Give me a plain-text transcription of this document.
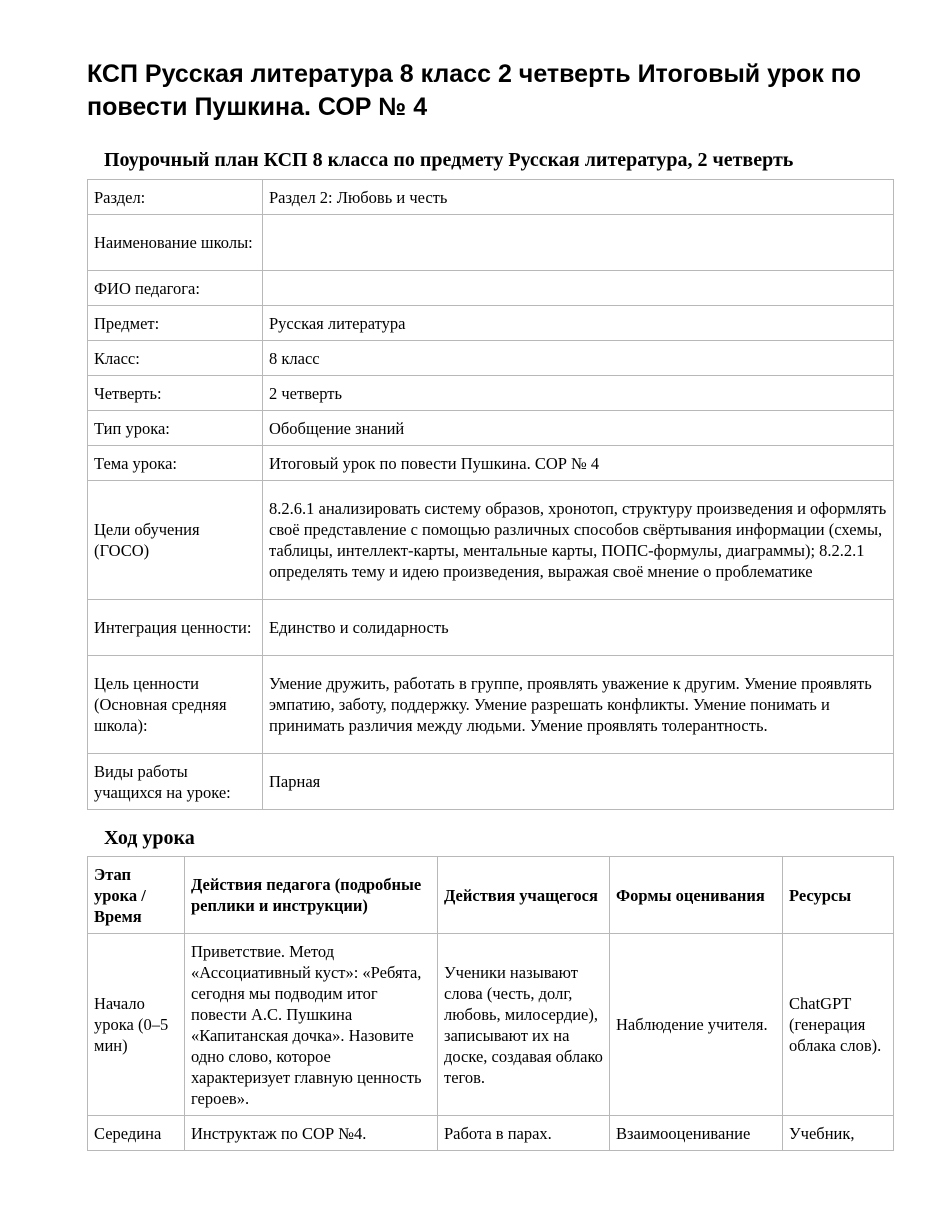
КСП Русская литература 8 класс 2 четверть Итоговый урок по повести Пушкина. СОР № 4
Поурочный план КСП 8 класса по предмету Русская литература, 2 четверть
Раздел:	Раздел 2: Любовь и честь
Наименование школы:	
ФИО педагога:	
Предмет:	Русская литература
Класс:	8 класс
Четверть:	2 четверть
Тип урока:	Обобщение знаний
Тема урока:	Итоговый урок по повести Пушкина. СОР № 4
Цели обучения (ГОСО)	8.2.6.1 анализировать систему образов, хронотоп, структуру произведения и оформлять своё представление с помощью различных способов свёртывания информации (схемы, таблицы, интеллект-карты, ментальные карты, ПОПС-формулы, диаграммы); 8.2.2.1 определять тему и идею произведения, выражая своё мнение о проблематике
Интеграция ценности:	Единство и солидарность
Цель ценности (Основная средняя школа):	Умение дружить, работать в группе, проявлять уважение к другим. Умение проявлять эмпатию, заботу, поддержку. Умение разрешать конфликты. Умение понимать и принимать различия между людьми. Умение проявлять толерантность.
Виды работы учащихся на уроке:	Парная
Ход урока
Этап урока / Время	Действия педагога (подробные реплики и инструкции)	Действия учащегося	Формы оценивания	Ресурсы
Начало урока (0–5 мин)	Приветствие. Метод «Ассоциативный куст»: «Ребята, сегодня мы подводим итог повести А.С. Пушкина «Капитанская дочка». Назовите одно слово, которое характеризует главную ценность героев».	Ученики называют слова (честь, долг, любовь, милосердие), записывают их на доске, создавая облако тегов.	Наблюдение учителя.	ChatGPT (генерация облака слов).
Середина	Инструктаж по СОР №4.	Работа в парах.	Взаимооценивание	Учебник,
